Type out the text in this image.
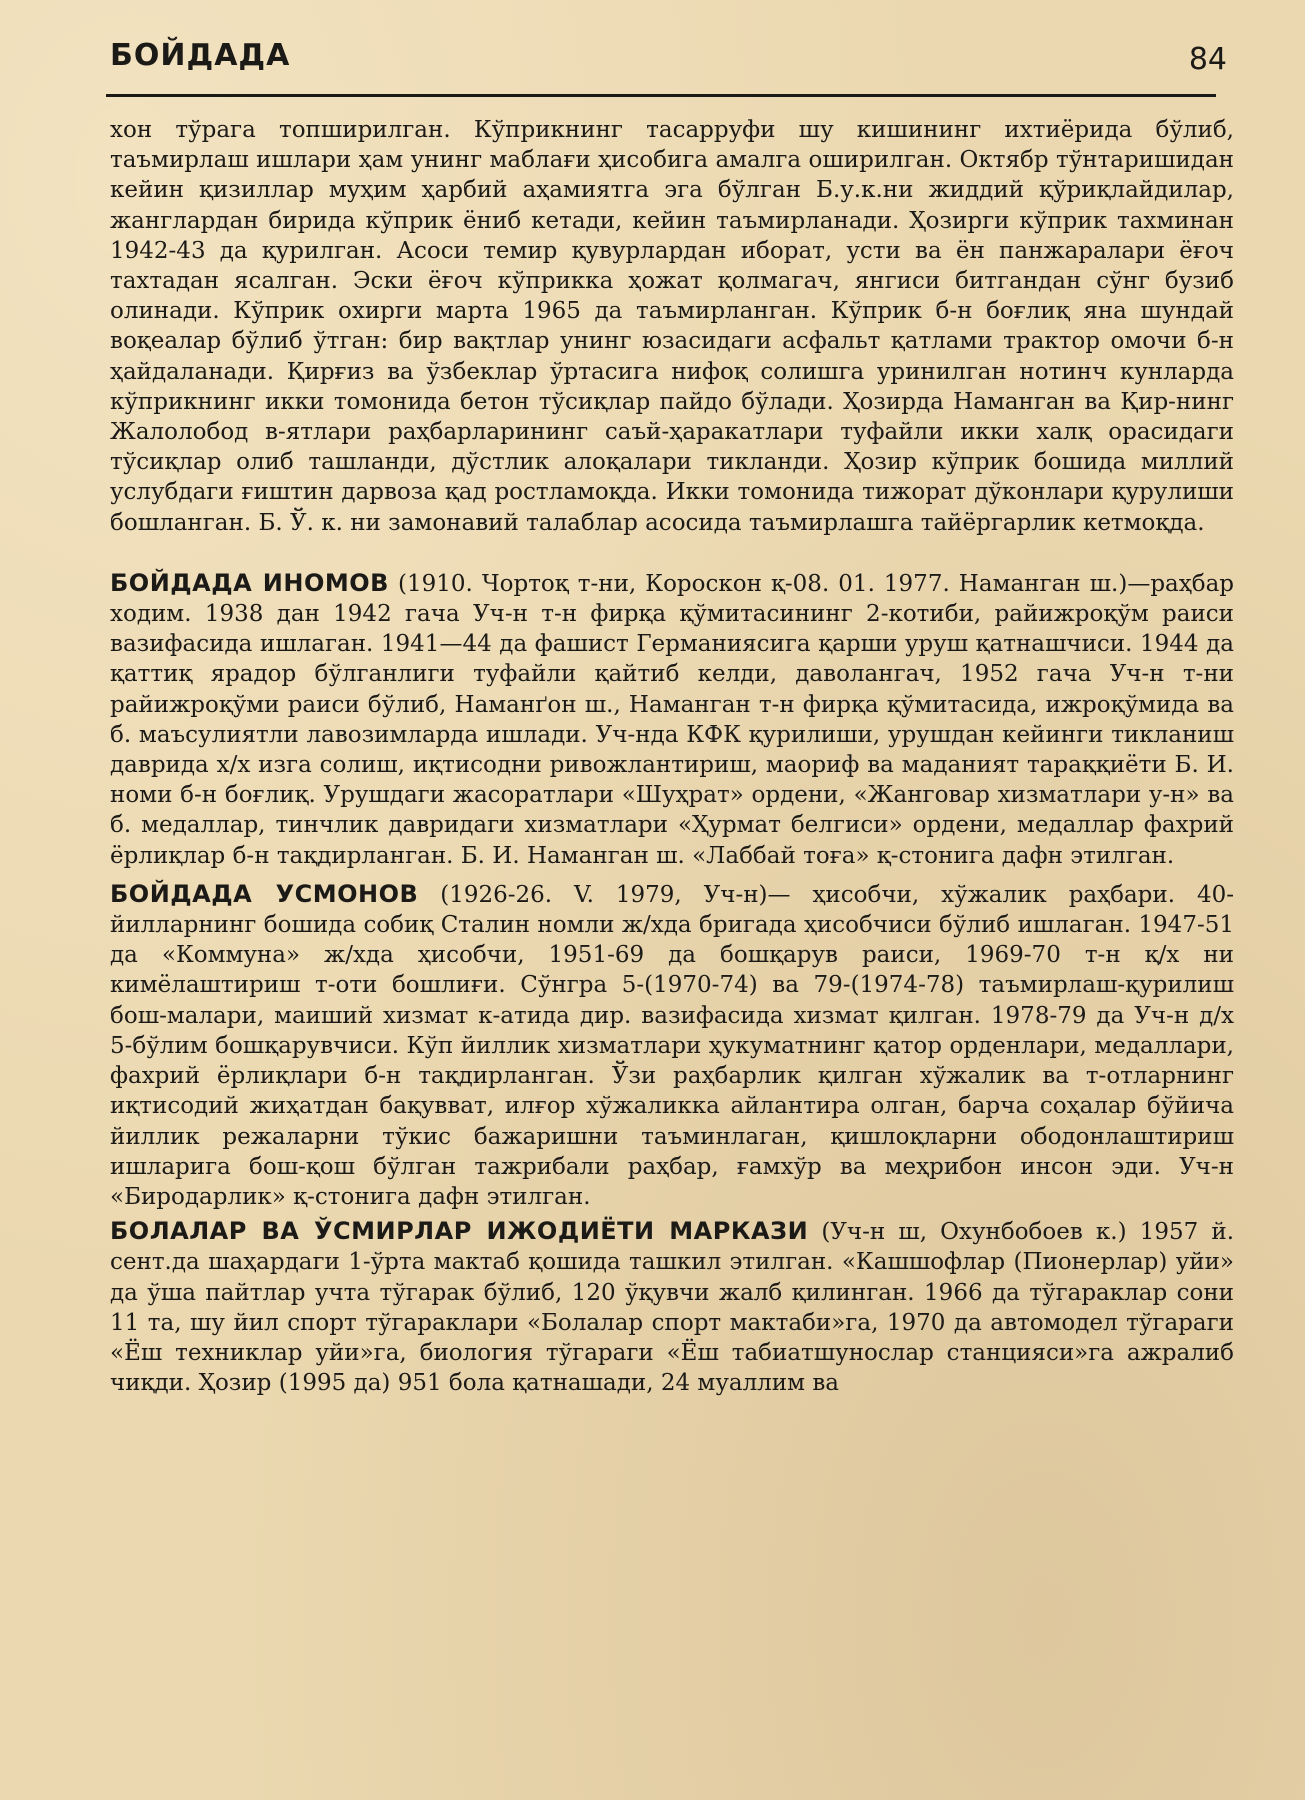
БОЙДАДА	84

хон тўрага топширилган. Кўприкнинг тасарруфи шу кишининг ихтиёрида бўлиб, таъмирлаш ишлари ҳам унинг маблағи ҳисобига амалга оширилган. Октябр тўнтаришидан кейин қизиллар муҳим ҳарбий аҳамиятга эга бўлган Б.у.к.ни жиддий қўриқлайдилар, жанглардан бирида кўприк ёниб кетади, кейин таъмирланади. Ҳозирги кўприк тахминан 1942-43 да қурилган. Асоси темир қувурлардан иборат, усти ва ён панжаралари ёғоч тахтадан ясалган. Эски ёғоч кўприкка ҳожат қолмагач, янгиси битгандан сўнг бузиб олинади. Кўприк охирги марта 1965 да таъмирланган. Кўприк б-н боғлиқ яна шундай воқеалар бўлиб ўтган: бир вақтлар унинг юзасидаги асфальт қатлами трактор омочи б-н ҳайдаланади. Қирғиз ва ўзбеклар ўртасига нифоқ солишга уринилган нотинч кунларда кўприкнинг икки томонида бетон тўсиқлар пайдо бўлади. Ҳозирда Наманган ва Қир-нинг Жалолобод в-ятлари раҳбарларининг саъй-ҳаракатлари туфайли икки халқ орасидаги тўсиқлар олиб ташланди, дўстлик алоқалари тикланди. Ҳозир кўприк бошида миллий услубдаги ғиштин дарвоза қад ростламоқда. Икки томонида тижорат дўконлари қурулиши бошланган. Б. Ў. к. ни замонавий талаблар асосида таъмирлашга тайёргарлик кетмоқда.

БОЙДАДА ИНОМОВ (1910. Чортоқ т-ни, Корoскон қ-08. 01. 1977. Наманган ш.)—раҳбар ходим. 1938 дан 1942 гача Уч-н т-н фирқа қўмитасининг 2-котиби, райижроқўм раиси вазифасида ишлаган. 1941—44 да фашист Германиясига қарши уруш қатнашчиси. 1944 да қаттиқ ярадор бўлганлиги туфайли қайтиб келди, даволангач, 1952 гача Уч-н т-ни райижроқўми раиси бўлиб, Наманґон ш., Наманган т-н фирқа қўмитасида, ижроқўмида ва б. маъсулиятли лавозимларда ишлади. Уч-нда КФК қурилиши, урушдан кейинги тикланиш даврида х/х изга солиш, иқтисодни ривожлантириш, маориф ва маданият тараққиёти Б. И. номи б-н боғлиқ. Урушдаги жасоратлари «Шуҳрат» ордени, «Жанговар хизматлари у-н» ва б. медаллар, тинчлик давридаги хизматлари «Ҳурмат белгиси» ордени, медаллар фахрий ёрлиқлар б-н тақдирланган. Б. И. Наманган ш. «Лаббай тоға» қ-стонига дафн этилган.

БОЙДАДА УСМОНОВ (1926-26. V. 1979, Уч-н)— ҳисобчи, хўжалик раҳбари. 40-йилларнинг бошида собиқ Сталин номли ж/хда бригада ҳисобчиси бўлиб ишлаган. 1947-51 да «Коммуна» ж/хда ҳисобчи, 1951-69 да бошқарув раиси, 1969-70 т-н қ/х ни кимёлаштириш т-оти бошлиғи. Сўнгра 5-(1970-74) ва 79-(1974-78) таъмирлаш-қурилиш бош-малари, маиший хизмат к-атида дир. вазифасида хизмат қилган. 1978-79 да Уч-н д/х 5-бўлим бошқарувчиси. Кўп йиллик хизматлари ҳукуматнинг қатор орденлари, медаллари, фахрий ёрлиқлари б-н тақдирланган. Ўзи раҳбарлик қилган хўжалик ва т-отларнинг иқтисодий жиҳатдан бақувват, илғор хўжаликка айлантира олган, барча соҳалар бўйича йиллик режаларни тўкис бажаришни таъминлаган, қишлоқларни ободонлаштириш ишларига бош-қош бўлган тажрибали раҳбар, ғамхўр ва меҳрибон инсон эди. Уч-н «Биродарлик» қ-стонига дафн этилган.

БОЛАЛАР ВА ЎСМИРЛАР ИЖОДИЁТИ МАРКАЗИ (Уч-н ш, Охунбобоев к.) 1957 й. сент.да шаҳардаги 1-ўрта мактаб қошида ташкил этилган. «Кашшофлар (Пионерлар) уйи» да ўша пайтлар учта тўгарак бўлиб, 120 ўқувчи жалб қилинган. 1966 да тўгараклар сони 11 та, шу йил спорт тўгараклари «Болалар спорт мактаби»га, 1970 да автомодел тўгараги «Ёш техниклар уйи»га, биология тўгараги «Ёш табиатшунослар станцияси»га ажралиб чиқди. Ҳозир (1995 да) 951 бола қатнашади, 24 муаллим ва
